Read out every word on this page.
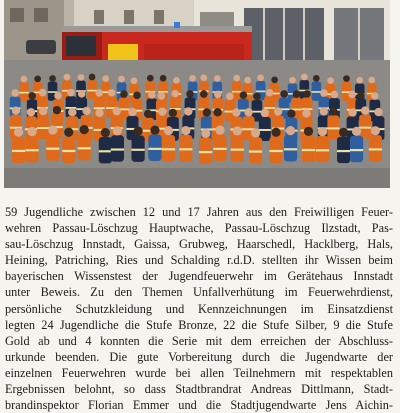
59 Jugendliche zwischen 12 und 17 Jahren aus den Freiwilligen Feuer-
wehren Passau-Löschzug Hauptwache, Passau-Löschzug Ilzstadt, Pas-
sau-Löschzug Innstadt, Gaissa, Grubweg, Haarschedl, Hacklberg, Hals,
Heining, Patriching, Ries und Schalding r.d.D. stellten ihr Wissen beim
bayerischen Wissenstest der Jugendfeuerwehr im Gerätehaus Innstadt
unter Beweis. Zu den Themen Unfallverhütung im Feuerwehrdienst,
persönliche Schutzkleidung und Kennzeichnungen im Einsatzdienst
legten 24 Jugendliche die Stufe Bronze, 22 die Stufe Silber, 9 die Stufe
Gold ab und 4 konnten die Serie mit dem erreichen der Abschluss-
urkunde beenden. Die gute Vorbereitung durch die Jugendwarte der
einzelnen Feuerwehren wurde bei allen Teilnehmern mit respektablen
Ergebnissen belohnt, so dass Stadtbrandrat Andreas Dittlmann, Stadt-
brandinspektor Florian Emmer und die Stadtjugendwarte Jens Aichin-
